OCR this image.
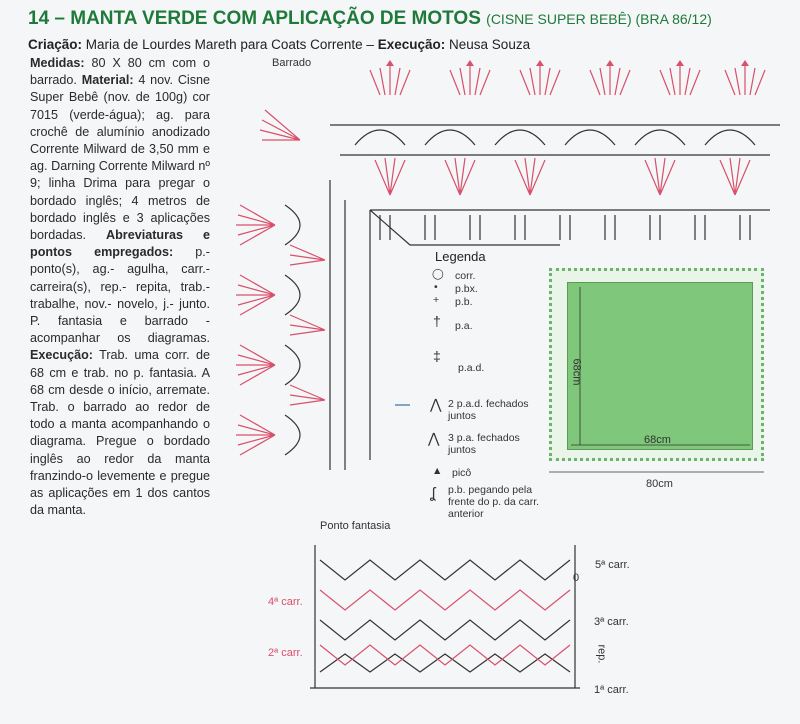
14 – MANTA VERDE COM APLICAÇÃO DE MOTOS (CISNE SUPER BEBÊ) (BRA 86/12)
Criação: Maria de Lourdes Mareth para Coats Corrente – Execução: Neusa Souza
Medidas: 80 X 80 cm com o barrado. Material: 4 nov. Cisne Super Bebê (nov. de 100g) cor 7015 (verde-água); ag. para crochê de alumínio anodizado Corrente Milward de 3,50 mm e ag. Darning Corrente Milward nº 9; linha Drima para pregar o bordado inglês; 4 metros de bordado inglês e 3 aplicações bordadas. Abreviaturas e pontos empregados: p.- ponto(s), ag.- agulha, carr.- carreira(s), rep.- repita, trab.- trabalhe, nov.- novelo, j.- junto. P. fantasia e barrado - acompanhar os diagramas. Execução: Trab. uma corr. de 68 cm e trab. no p. fantasia. A 68 cm desde o início, arremate. Trab. o barrado ao redor de todo a manta acompanhando o diagrama. Pregue o bordado inglês ao redor da manta franzindo-o levemente e pregue as aplicações em 1 dos cantos da manta.
Barrado
Ponto fantasia
5ª carr.
0
4ª carr.
3ª carr.
2ª carr.	rep.
1ª carr.
Legenda
◯ corr.
• p.bx.
+ p.b.
† p.a.
‡
p.a.d.
⋀ 2 p.a.d. fechados juntos
⋀ 3 p.a. fechados juntos
▲ picô
ʆ p.b. pegando pela frente do p. da carr. anterior
68cm
68cm
80cm
